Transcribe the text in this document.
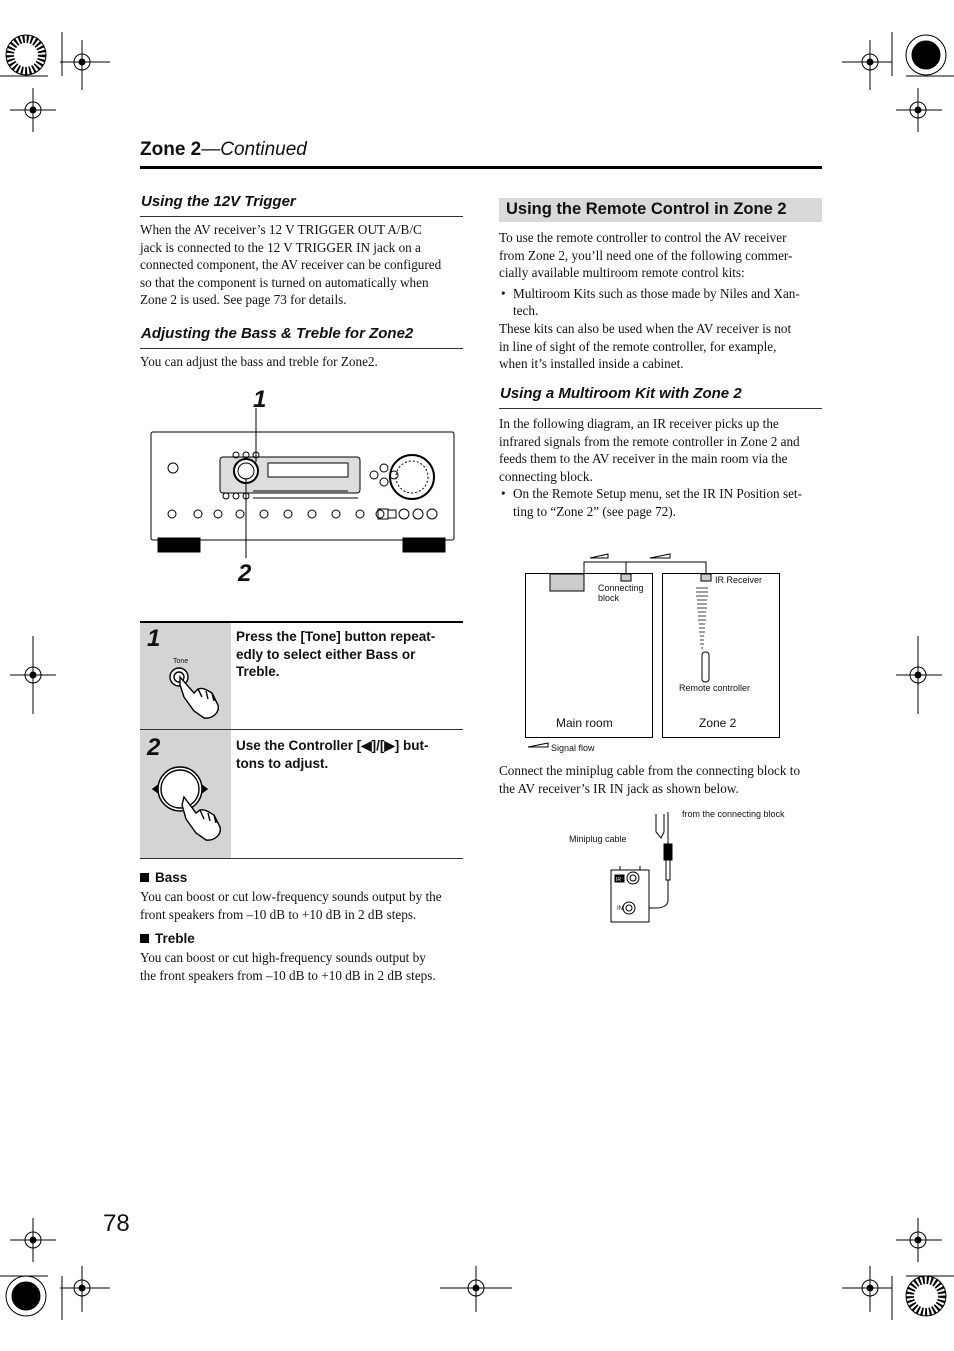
Zone 2—Continued
Using the 12V Trigger
When the AV receiver’s 12 V TRIGGER OUT A/B/C
jack is connected to the 12 V TRIGGER IN jack on a
connected component, the AV receiver can be configured
so that the component is turned on automatically when
Zone 2 is used. See page 73 for details.
Adjusting the Bass & Treble for Zone2
You can adjust the bass and treble for Zone2.
1
2
1
Tone
Press the [Tone] button repeat-
edly to select either Bass or
Treble.
2	Use the Controller [◀]/[▶] but-
tons to adjust.
Bass
You can boost or cut low-frequency sounds output by the
front speakers from –10 dB to +10 dB in 2 dB steps.
Treble
You can boost or cut high-frequency sounds output by
the front speakers from –10 dB to +10 dB in 2 dB steps.
Using the Remote Control in Zone 2
To use the remote controller to control the AV receiver
from Zone 2, you’ll need one of the following commer-
cially available multiroom remote control kits:
• Multiroom Kits such as those made by Niles and Xan-
tech.
These kits can also be used when the AV receiver is not
in line of sight of the remote controller, for example,
when it’s installed inside a cabinet.
Using a Multiroom Kit with Zone 2
In the following diagram, an IR receiver picks up the
infrared signals from the remote controller in Zone 2 and
feeds them to the AV receiver in the main room via the
connecting block.
• On the Remote Setup menu, set the IR IN Position set-
ting to “Zone 2” (see page 72).
Connecting
block
IR Receiver
Remote controller
Main room	Zone 2
Signal flow
Connect the miniplug cable from the connecting block to
the AV receiver’s IR IN jack as shown below.
from the connecting block
Miniplug cable
IR
IN
78
